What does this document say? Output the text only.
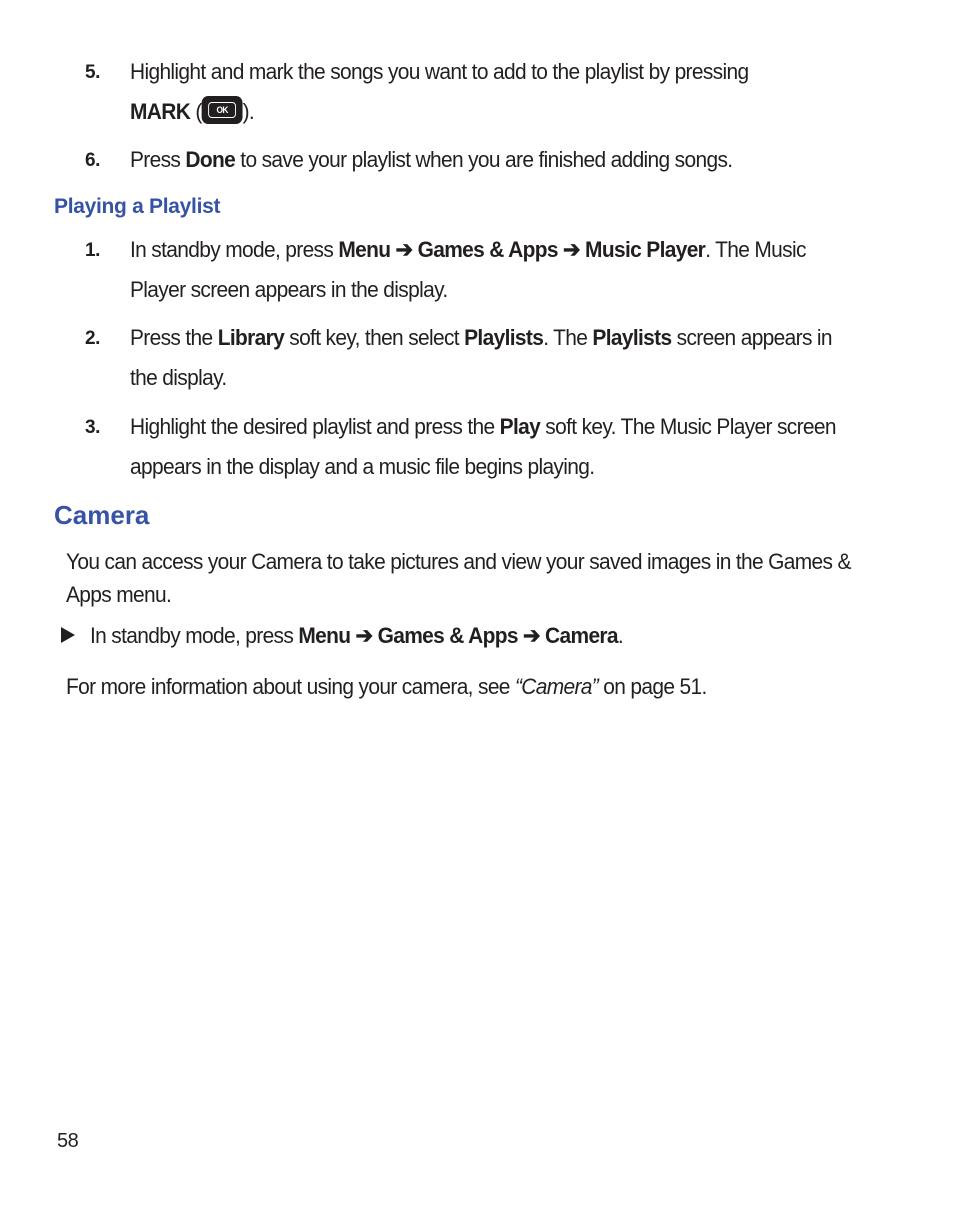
5. Highlight and mark the songs you want to add to the playlist by pressing
MARK (	OK ).
6. Press Done to save your playlist when you are finished adding songs.
Playing a Playlist
1. In standby mode, press Menu ➔ Games & Apps ➔ Music Player. The Music Player screen appears in the display.
2. Press the Library soft key, then select Playlists. The Playlists screen appears in the display.
3. Highlight the desired playlist and press the Play soft key. The Music Player screen appears in the display and a music file begins playing.
Camera
You can access your Camera to take pictures and view your saved images in the Games & Apps menu.
In standby mode, press Menu ➔ Games & Apps ➔ Camera.
For more information about using your camera, see “Camera” on page 51.
58
